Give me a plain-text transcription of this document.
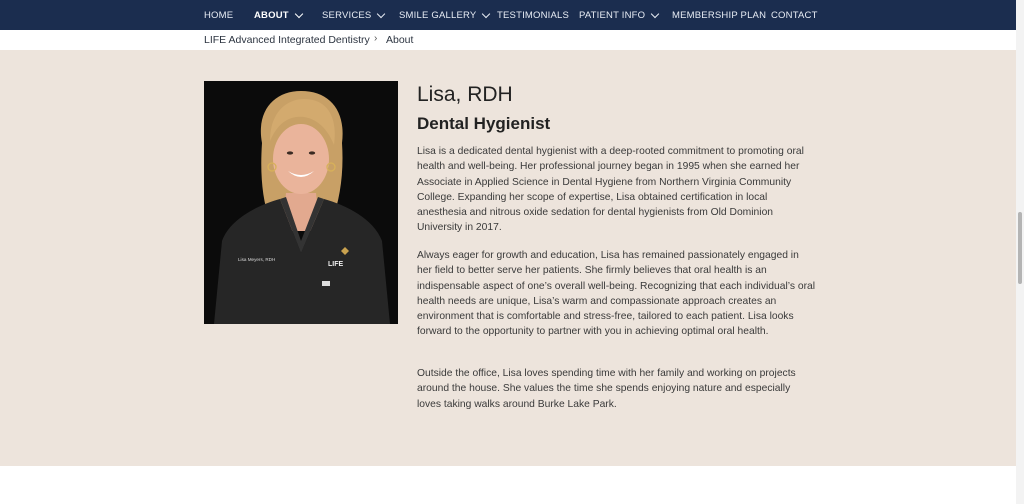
HOME ABOUT	SERVICES	SMILE GALLERY TESTIMONIALS PATIENT INFO	MEMBERSHIP PLAN CONTACT
LIFE Advanced Integrated Dentistry › About
Lisa Meyers, RDH
LIFE
Lisa, RDH
Dental Hygienist

Lisa is a dedicated dental hygienist with a deep-rooted commitment to promoting oral health and well-being. Her professional journey began in 1995 when she earned her Associate in Applied Science in Dental Hygiene from Northern Virginia Community College. Expanding her scope of expertise, Lisa obtained certification in local anesthesia and nitrous oxide sedation for dental hygienists from Old Dominion University in 2017.

Always eager for growth and education, Lisa has remained passionately engaged in her field to better serve her patients. She firmly believes that oral health is an indispensable aspect of one’s overall well-being. Recognizing that each individual’s oral health needs are unique, Lisa’s warm and compassionate approach creates an environment that is comfortable and stress-free, tailored to each patient. Lisa looks forward to the opportunity to partner with you in achieving optimal oral health.

Outside the office, Lisa loves spending time with her family and working on projects around the house. She values the time she spends enjoying nature and especially loves taking walks around Burke Lake Park.
